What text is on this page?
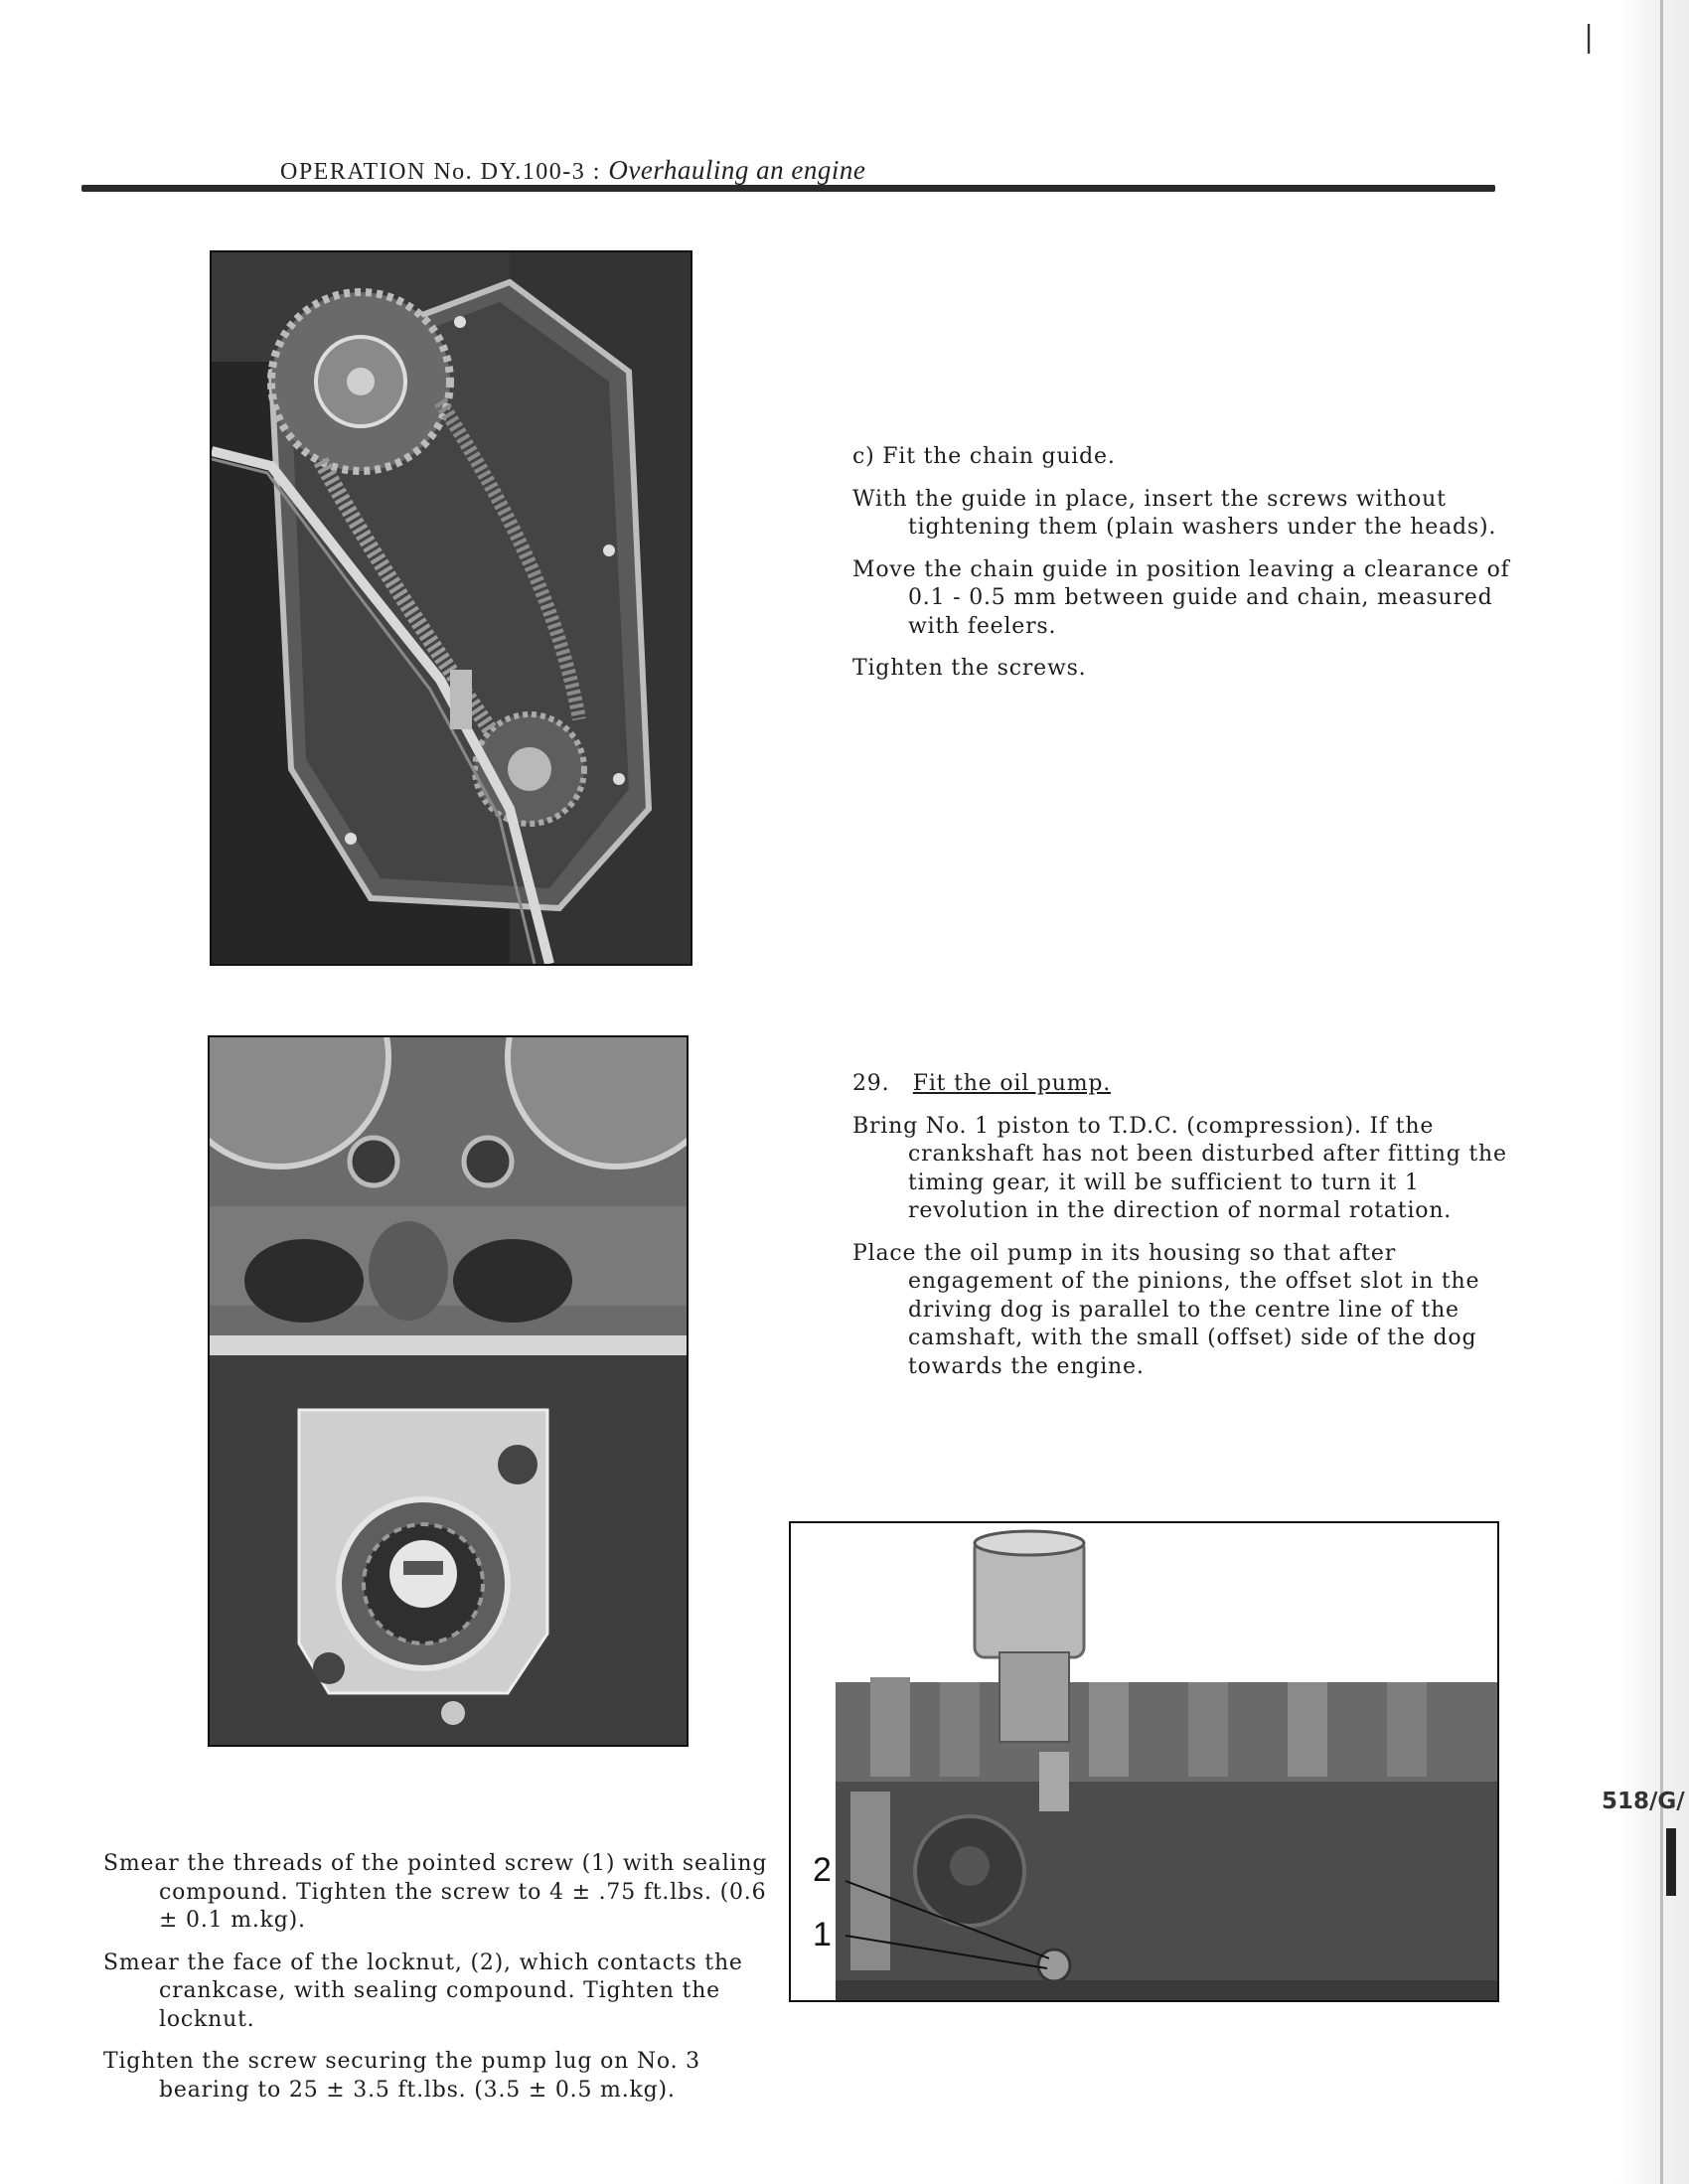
|
OPERATION No. DY.100-3 : Overhauling an engine

c) Fit the chain guide.

With the guide in place, insert the screws without tightening them (plain washers under the heads).

Move the chain guide in position leaving a clearance of 0.1 - 0.5 mm between guide and chain, measured with feelers.

Tighten the screws.

29. Fit the oil pump.

Bring No. 1 piston to T.D.C. (compression). If the crankshaft has not been disturbed after fitting the timing gear, it will be sufficient to turn it 1 revolution in the direction of normal rotation.

Place the oil pump in its housing so that after engagement of the pinions, the offset slot in the driving dog is parallel to the centre line of the camshaft, with the small (offset) side of the dog towards the engine.

2
1

Smear the threads of the pointed screw (1) with sealing compound. Tighten the screw to 4 ± .75 ft.lbs. (0.6 ± 0.1 m.kg).

Smear the face of the locknut, (2), which contacts the crankcase, with sealing compound. Tighten the locknut.

Tighten the screw securing the pump lug on No. 3 bearing to 25 ± 3.5 ft.lbs. (3.5 ± 0.5 m.kg).

518/G/
